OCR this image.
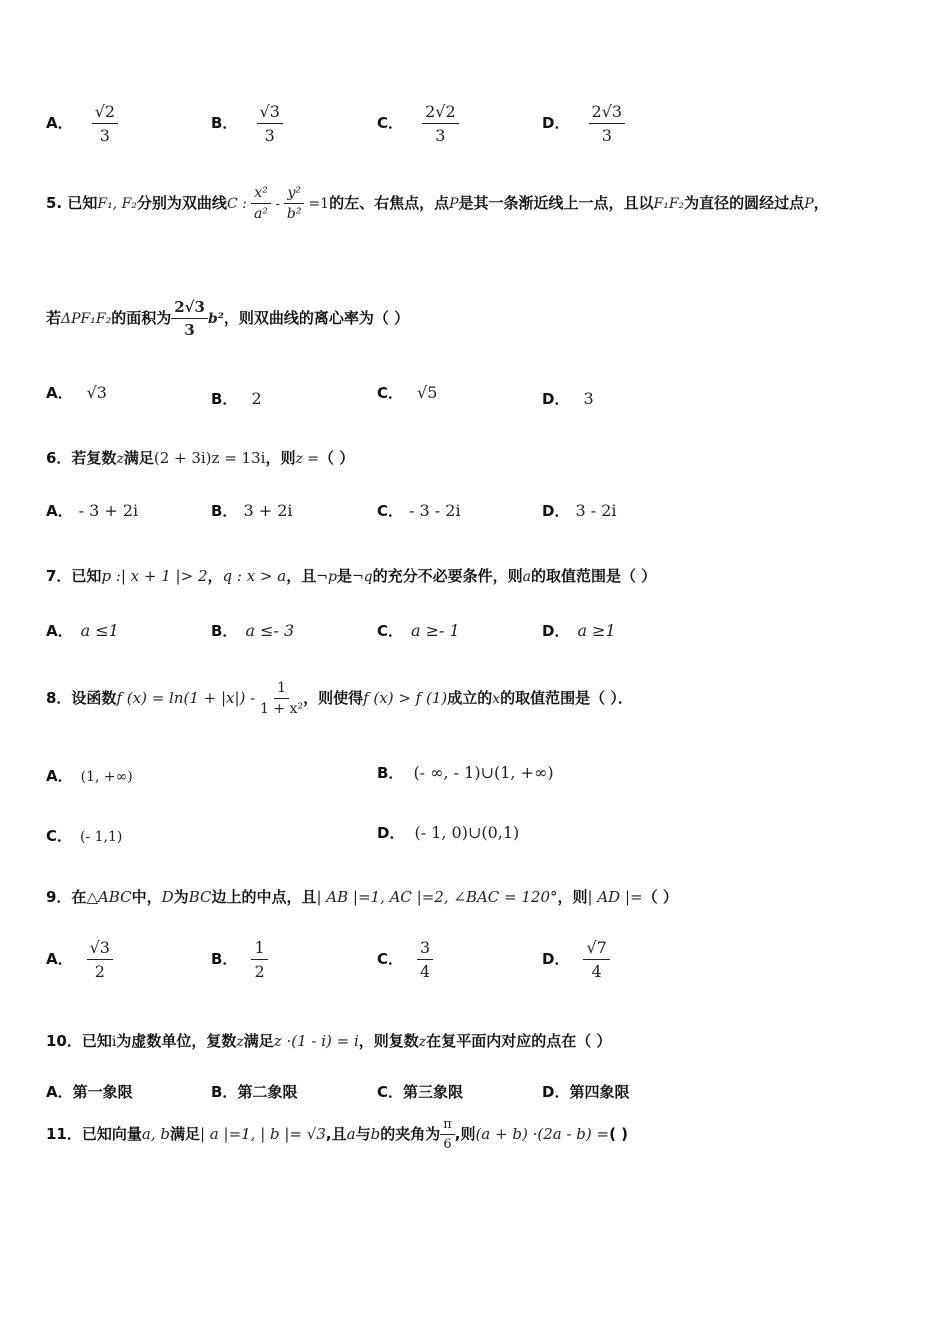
A． $\frac{√2}{3}$	B． $\frac{√3}{3}$	C． $\frac{2√2}{3}$	D． $\frac{2√3}{3}$
5. 已知F₁, F₂分别为双曲线C : $\frac{\text{x²}}{\text{a²}} - \frac{\text{y²}}{\text{b²}} =1$的左、右焦点，点P是其一条渐近线上一点，且以F₁F₂为直径的圆经过点P，
若ΔPF₁F₂的面积为 $\frac{2√3}{3} b^2$，则双曲线的离心率为（ ）
A． √3	B． 2	C． √5	D． 3
6．若复数z满足(2 + 3i)z = 13i，则z =（ ）
A． - 3 + 2i	B． 3 + 2i	C． - 3 - 2i	D． 3 - 2i
7．已知p :| x + 1 |> 2，q : x > a，且¬p是¬q的充分不必要条件，则a的取值范围是（ ）
A． a ≤1	B． a ≤- 3	C． a ≥- 1	D． a ≥1
8．设函数f $(x) = \ln(1 + |x|) - \frac{1}{\text{1 + x²}}$ ，则使得f (x) > f (1)成立的x的取值范围是（ ）．
A． (1, +∞)	B． (- ∞, - 1)∪(1, +∞)
C． (- 1,1)	D． (- 1, 0)∪(0,1)
9．在△ABC中，D为BC边上的中点，且| AB |=1, AC |=2, ∠BAC = 120°，则| AD |=（ ）
A． $\frac{√3}{2}$	B． $\frac{1}{2}$	C． $\frac{3}{4}$	D． $\frac{√7}{4}$
10．已知i为虚数单位，复数z满足z ·(1 - i) = i，则复数z在复平面内对应的点在（ ）
A．第一象限	B．第二象限	C．第三象限	D．第四象限
11．已知向量a, b满足| a |=1, | b |= √3,且a与b的夹角为 $\frac{\pi}{6}$ ,则(a + b) ·(2a - b) =( )
